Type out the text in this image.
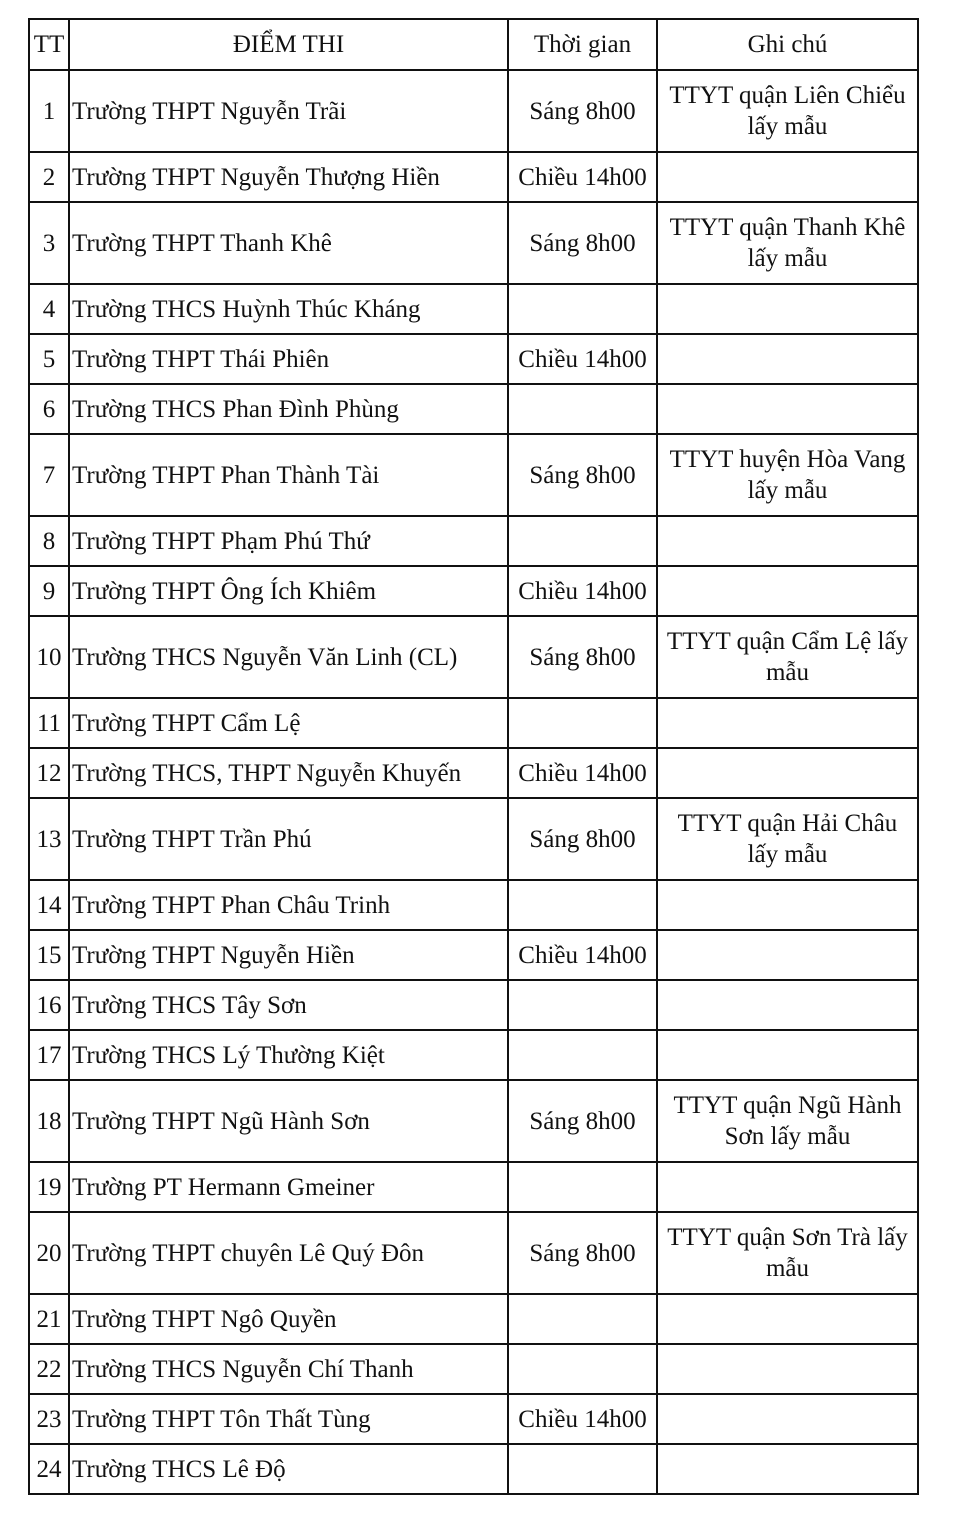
TT	ĐIỂM THI	Thời gian	Ghi chú
1	Trường THPT Nguyễn Trãi	Sáng 8h00	TTYT quận Liên Chiểu lấy mẫu
2	Trường THPT Nguyễn Thượng Hiền	Chiều 14h00	
3	Trường THPT Thanh Khê	Sáng 8h00	TTYT quận Thanh Khê lấy mẫu
4	Trường THCS Huỳnh Thúc Kháng		
5	Trường THPT Thái Phiên	Chiều 14h00	
6	Trường THCS Phan Đình Phùng		
7	Trường THPT Phan Thành Tài	Sáng 8h00	TTYT huyện Hòa Vang lấy mẫu
8	Trường THPT Phạm Phú Thứ		
9	Trường THPT Ông Ích Khiêm	Chiều 14h00	
10	Trường THCS Nguyễn Văn Linh (CL)	Sáng 8h00	TTYT quận Cẩm Lệ lấy mẫu
11	Trường THPT Cẩm Lệ		
12	Trường THCS, THPT Nguyễn Khuyến	Chiều 14h00	
13	Trường THPT Trần Phú	Sáng 8h00	TTYT quận Hải Châu lấy mẫu
14	Trường THPT Phan Châu Trinh		
15	Trường THPT Nguyễn Hiền	Chiều 14h00	
16	Trường THCS Tây Sơn		
17	Trường THCS Lý Thường Kiệt		
18	Trường THPT Ngũ Hành Sơn	Sáng 8h00	TTYT quận Ngũ Hành Sơn lấy mẫu
19	Trường PT Hermann Gmeiner		
20	Trường THPT chuyên Lê Quý Đôn	Sáng 8h00	TTYT quận Sơn Trà lấy mẫu
21	Trường THPT Ngô Quyền		
22	Trường THCS Nguyễn Chí Thanh		
23	Trường THPT Tôn Thất Tùng	Chiều 14h00	
24	Trường THCS Lê Độ		
